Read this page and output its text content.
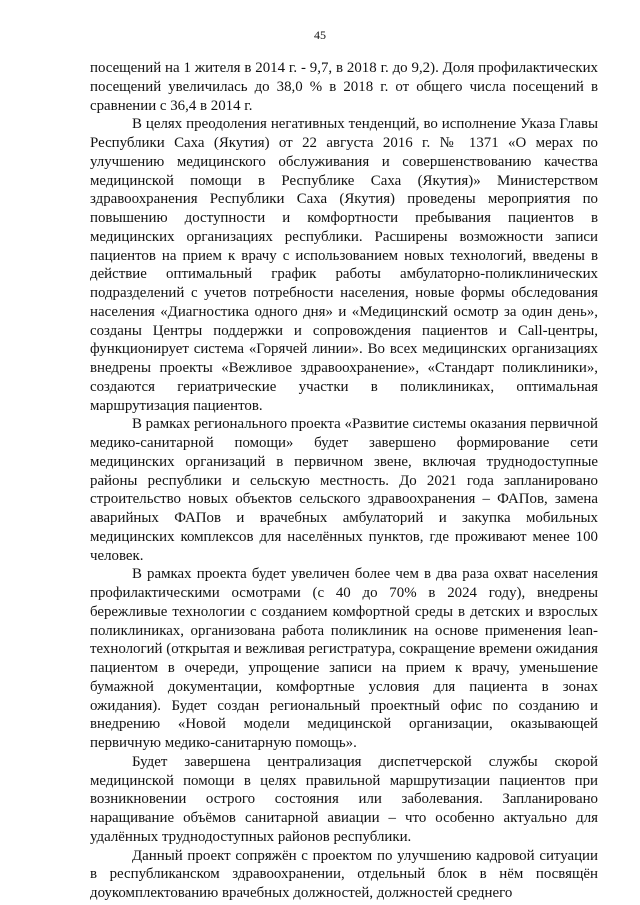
45

посещений на 1 жителя в 2014 г. - 9,7, в 2018 г. до 9,2). Доля профилактических посещений увеличилась до 38,0 % в 2018 г. от общего числа посещений в сравнении с 36,4 в 2014 г.

В целях преодоления негативных тенденций, во исполнение Указа Главы Республики Саха (Якутия) от 22 августа 2016 г. № 1371 «О мерах по улучшению медицинского обслуживания и совершенствованию качества медицинской помощи в Республике Саха (Якутия)» Министерством здравоохранения Республики Саха (Якутия) проведены мероприятия по повышению доступности и комфортности пребывания пациентов в медицинских организациях республики. Расширены возможности записи пациентов на прием к врачу с использованием новых технологий, введены в действие оптимальный график работы амбулаторно-поликлинических подразделений с учетов потребности населения, новые формы обследования населения «Диагностика одного дня» и «Медицинский осмотр за один день», созданы Центры поддержки и сопровождения пациентов и Call-центры, функционирует система «Горячей линии». Во всех медицинских организациях внедрены проекты «Вежливое здравоохранение», «Стандарт поликлиники», создаются гериатрические участки в поликлиниках, оптимальная маршрутизация пациентов.

В рамках регионального проекта «Развитие системы оказания первичной медико-санитарной помощи» будет завершено формирование сети медицинских организаций в первичном звене, включая труднодоступные районы республики и сельскую местность. До 2021 года запланировано строительство новых объектов сельского здравоохранения – ФАПов, замена аварийных ФАПов и врачебных амбулаторий и закупка мобильных медицинских комплексов для населённых пунктов, где проживают менее 100 человек.

В рамках проекта будет увеличен более чем в два раза охват населения профилактическими осмотрами (с 40 до 70% в 2024 году), внедрены бережливые технологии с созданием комфортной среды в детских и взрослых поликлиниках, организована работа поликлиник на основе применения lean- технологий (открытая и вежливая регистратура, сокращение времени ожидания пациентом в очереди, упрощение записи на прием к врачу, уменьшение бумажной документации, комфортные условия для пациента в зонах ожидания). Будет создан региональный проектный офис по созданию и внедрению «Новой модели медицинской организации, оказывающей первичную медико-санитарную помощь».

Будет завершена централизация диспетчерской службы скорой медицинской помощи в целях правильной маршрутизации пациентов при возникновении острого состояния или заболевания. Запланировано наращивание объёмов санитарной авиации – что особенно актуально для удалённых труднодоступных районов республики.

Данный проект сопряжён с проектом по улучшению кадровой ситуации в республиканском здравоохранении, отдельный блок в нём посвящён доукомплектованию врачебных должностей, должностей среднего
